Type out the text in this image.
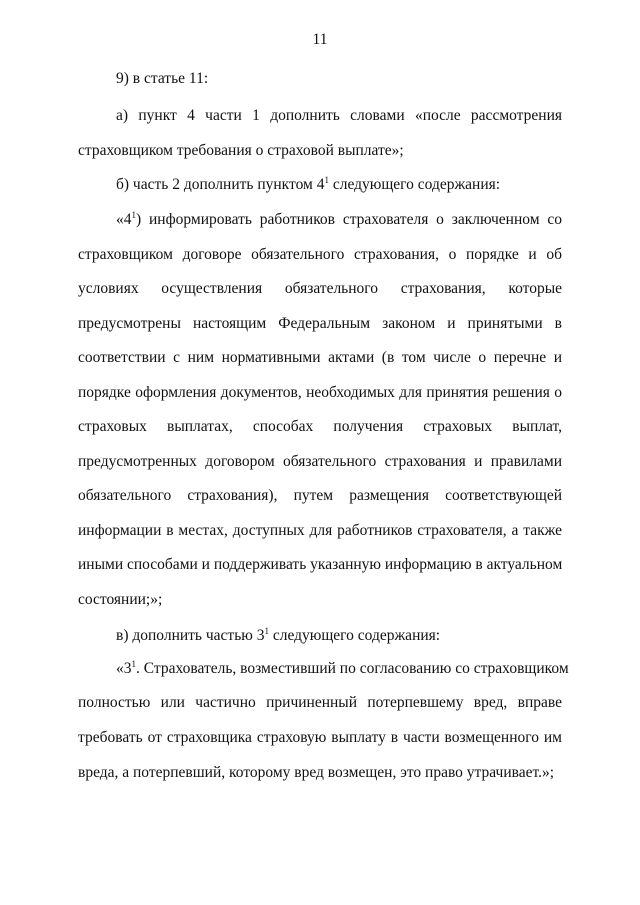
11
9) в статье 11:
а) пункт 4 части 1 дополнить словами «после рассмотрения
страховщиком требования о страховой выплате»;
б) часть 2 дополнить пунктом $4^1$ следующего содержания:
«$4^1$) информировать работников страхователя о заключенном со
страховщиком договоре обязательного страхования, о порядке и об
условиях осуществления обязательного страхования, которые
предусмотрены настоящим Федеральным законом и принятыми в
соответствии с ним нормативными актами (в том числе о перечне и
порядке оформления документов, необходимых для принятия решения о
страховых выплатах, способах получения страховых выплат,
предусмотренных договором обязательного страхования и правилами
обязательного страхования), путем размещения соответствующей
информации в местах, доступных для работников страхователя, а также
иными способами и поддерживать указанную информацию в актуальном
состоянии;»;
в) дополнить частью $3^1$ следующего содержания:
«$3^1$. Страхователь, возместивший по согласованию со страховщиком
полностью или частично причиненный потерпевшему вред, вправе
требовать от страховщика страховую выплату в части возмещенного им
вреда, а потерпевший, которому вред возмещен, это право утрачивает.»;
